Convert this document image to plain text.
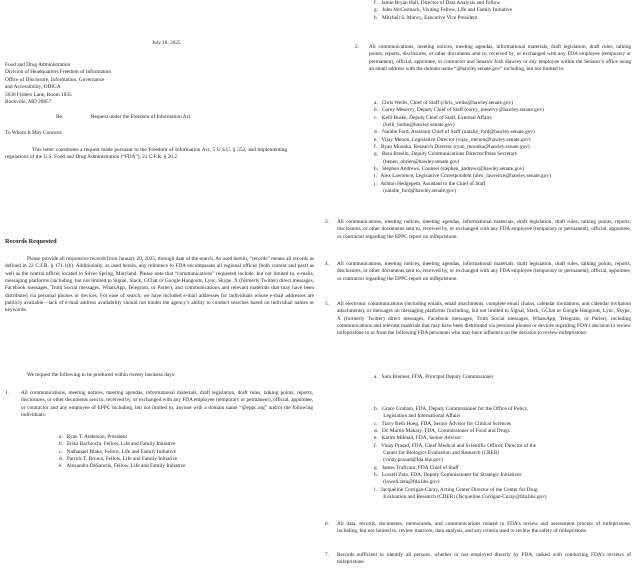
July 18, 2025
Food and Drug Administration
Division of Headquarters Freedom of Information
Office of Disclosure, Information, Governance
and Accessibility, ODIGA
5630 Fishers Lane, Room 1035
Rockville, MD 20857
Re:	Request under the Freedom of Information Act
To Whom It May Concern:
This letter constitutes a request made pursuant to the Freedom of Information Act, 5 U.S.C. § 552, and implementing regulations of the U.S. Food and Drug Administration (“FDA”), 21 C.F.R. § 20.2.
Records Requested
Please provide all responsive records from January 20, 2025, through date of the search. As used herein, “records” means all records as defined in 22 C.F.R. § 171.1(b). Additionally, as used herein, any reference to FDA encompasses all regional offices (both current and past) as well as the central offices located in Silver Spring, Maryland. Please note that “communications” requested include, but not limited to, e-mails, messaging platforms (including, but not limited to Signal, Slack, GChat or Google Hangouts, Lync, Skype, X (formerly Twitter) direct messages, Facebook messages, Truth Social messages, WhatsApp, Telegram, or Parler), and communications and relevant materials that may have been distributed via personal phones or devices. For ease of search, we have included e-mail addresses for individuals whose e-mail addresses are publicly available—lack of e-mail address availability should not hinder the agency’s ability to conduct searches based on individual names or keywords.
We request the following to be produced within twenty business days:
1. All communications, meeting notices, meeting agendas, informational materials, draft legislation, draft rules, talking points, reports, disclosures, or other documents sent to, received by, or exchanged with any FDA employee (temporary or permanent), official, appointee, or contractor and any employee of EPPC including, but not limited to, anyone with a domain name “@eppc.org” and/or the following individuals:
a.  Ryan T. Anderson, President
b.  Erika Bachiochi, Fellow, Life and Family Initiative
c.  Nathanael Blake, Fellow, Life and Family Initiative
d.  Patrick T. Brown, Fellow, Life and Family Initiative
e.  Alexandra DeSanctis, Fellow, Life and Family Initiative
f.  Jamie Bryan Hall, Director of Data Analysis and Fellow
g.  John McCormack, Visiting Fellow, Life and Family Initiative
h.  Mitchell S. Muncy, Executive Vice President
2. All communications, meeting notices, meeting agendas, informational materials, draft legislation, draft rules, talking points, reports, disclosures, or other documents sent to, received by, or exchanged with any FDA employee (temporary or permanent), official, appointee, or contractor and Senator Josh Hawley or any employee within the Senator’s office using an email address with the domain name “@hawley.senate.gov” including, but not limited to:
a.  Chris Weihs, Chief of Staff (chris_weihs@hawley.senate.gov)
b.  Corey Meservy, Deputy Chief of Staff (corey_meservy@hawley.senate.gov)
c.  Kelli Burke, Deputy Chief of Staff, External Affairs
   (kelli_burke@hawley.senate.gov)
d.  Natalie Ford, Assistant Chief of Staff (natalie_ford@hawley.senate.gov)
e.  Vijay Menon, Legislative Director (vijay_menon@hawley.senate.gov)
f.  Ryan Moonka, Research Director (ryan_moonka@hawley.senate.gov)
g.  Bera Breslin, Deputy Communications Director/Press Secretary
   (benen_obrien@hawley.senate.gov)
h.  Stephen Andrews, Counsel (stephen_andrews@hawley.senate.gov)
i.  Alex Lawrence, Legislative Correspondent (alex_lawrence@hawley.senate.gov)
j.  Ashton Hedgepeth, Assistant to the Chief of Staff
   (natalie_ford@hawley.senate.gov)
3. All communications, meeting notices, meeting agendas, informational materials, draft legislation, draft rules, talking points, reports, disclosures, or other documents sent to, received by, or exchanged with any FDA employee (temporary or permanent), official, appointee, or contractor regarding the EPPC report on mifepristone.
4. All communications, meeting notices, meeting agendas, informational materials, draft legislation, draft rules, talking points, reports, disclosures, or other documents sent to, received by, or exchanged with any FDA employee (temporary or permanent), official, appointee, or contractor regarding the EPPC report on mifepristone.
5. All electronic communications (including emails, email attachments, complete email chains, calendar invitations, and calendar invitation attachments), or messages on messaging platforms (including, but not limited to Signal, Slack, GChat or Google Hangouts, Lync, Skype, X (formerly Twitter) direct messages, Facebook messages, Truth Social messages, WhatsApp, Telegram, or Parler), including communications and relevant materials that may have been distributed via personal phones or devices regarding FDA’s decision to review mifepristone to or from the following FDA personnel who may have influence on the decision to review mifepristone:
a.  Sara Brenner, FDA, Principal Deputy Commissioner
b.  Grace Graham, FDA, Deputy Commissioner for the Office of Policy,
   Legislation and International Affairs
c.  Tracy Beth Hoeg, FDA, Senior Advisor for Clinical Sciences
d.  Dr. Martin Makary, FDA, Commissioner of Food and Drugs
e.  Karim Mikhail, FDA, Senior Advisor
f.  Vinay Prasad, FDA, Chief Medical and Scientific Officer, Director of the
   Center for Biologics Evaluation and Research (CBER)
   (vinay.prasad@fda.hhs.gov)
g.  James Traficant, FDA Chief of Staff
h.  Lowell Zeta, FDA, Deputy Commissioner for Strategic Initiatives
   (lowell.zeta@fda.hhs.gov)
i.  Jacqueline Corrigan-Curay, Acting Center Director of the Center for Drug
   Evaluation and Research (CDER) (Jacqueline.Corrigan-Curay@fda.hhs.gov)
6. All data, records, documents, memoranda, and communications related to FDA’s review and assessment process of mifepristone, including, but not limited to, review matrices, data analysis, and any criteria used to review the safety of mifepristone.
7. Records sufficient to identify all persons, whether or not employed directly by FDA, tasked with conducting FDA’s reviews of mifepristone.
